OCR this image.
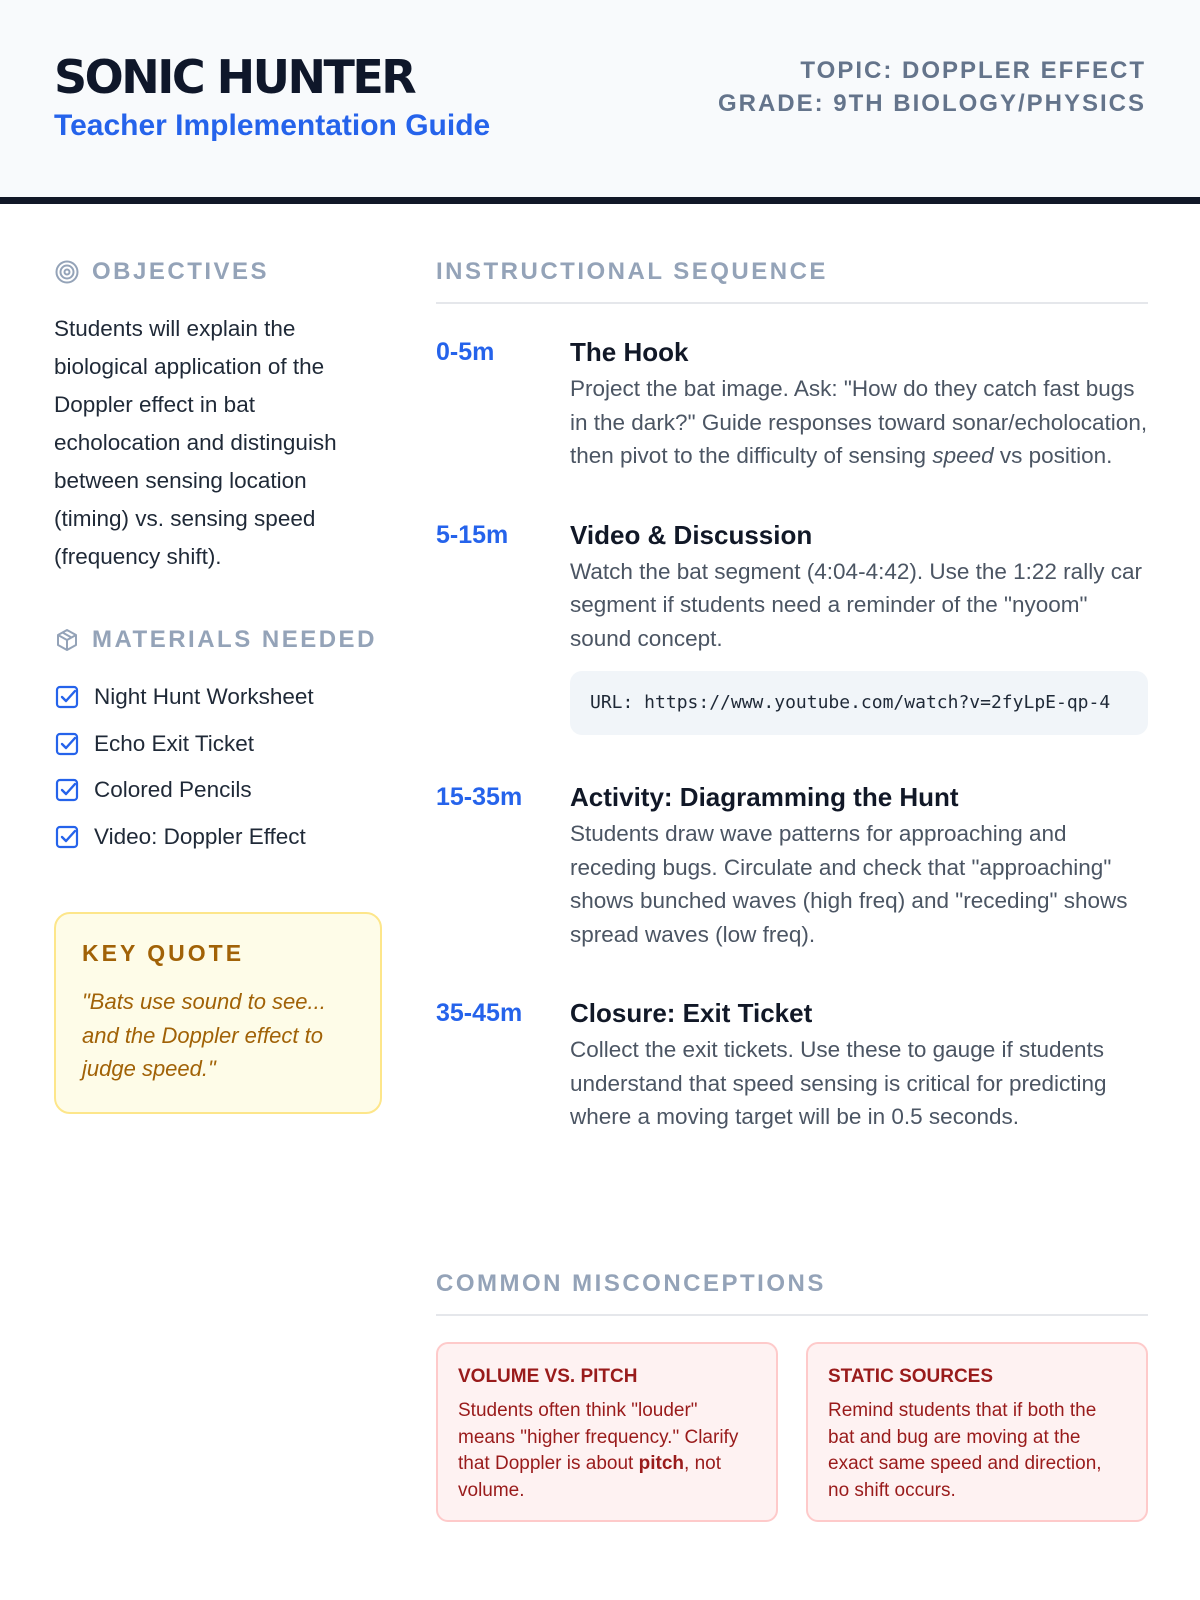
SONIC HUNTER
Teacher Implementation Guide
TOPIC: DOPPLER EFFECT
GRADE: 9TH BIOLOGY/PHYSICS
OBJECTIVES

Students will explain the biological application of the Doppler effect in bat echolocation and distinguish between sensing location (timing) vs. sensing speed (frequency shift).

MATERIALS NEEDED
Night Hunt Worksheet
Echo Exit Ticket
Colored Pencils
Video: Doppler Effect
KEY QUOTE
"Bats use sound to see... and the Doppler effect to judge speed."
INSTRUCTIONAL SEQUENCE
0-5m	The Hook
Project the bat image. Ask: "How do they catch fast bugs in the dark?" Guide responses toward sonar/echolocation, then pivot to the difficulty of sensing speed vs position.
5-15m	Video & Discussion
Watch the bat segment (4:04-4:42). Use the 1:22 rally car segment if students need a reminder of the "nyoom" sound concept.
URL: https://www.youtube.com/watch?v=2fyLpE-qp-4
15-35m	Activity: Diagramming the Hunt
Students draw wave patterns for approaching and receding bugs. Circulate and check that "approaching" shows bunched waves (high freq) and "receding" shows spread waves (low freq).
35-45m	Closure: Exit Ticket
Collect the exit tickets. Use these to gauge if students understand that speed sensing is critical for predicting where a moving target will be in 0.5 seconds.
COMMON MISCONCEPTIONS
VOLUME VS. PITCH
Students often think "louder" means "higher frequency." Clarify that Doppler is about pitch, not volume.
STATIC SOURCES
Remind students that if both the bat and bug are moving at the exact same speed and direction, no shift occurs.
